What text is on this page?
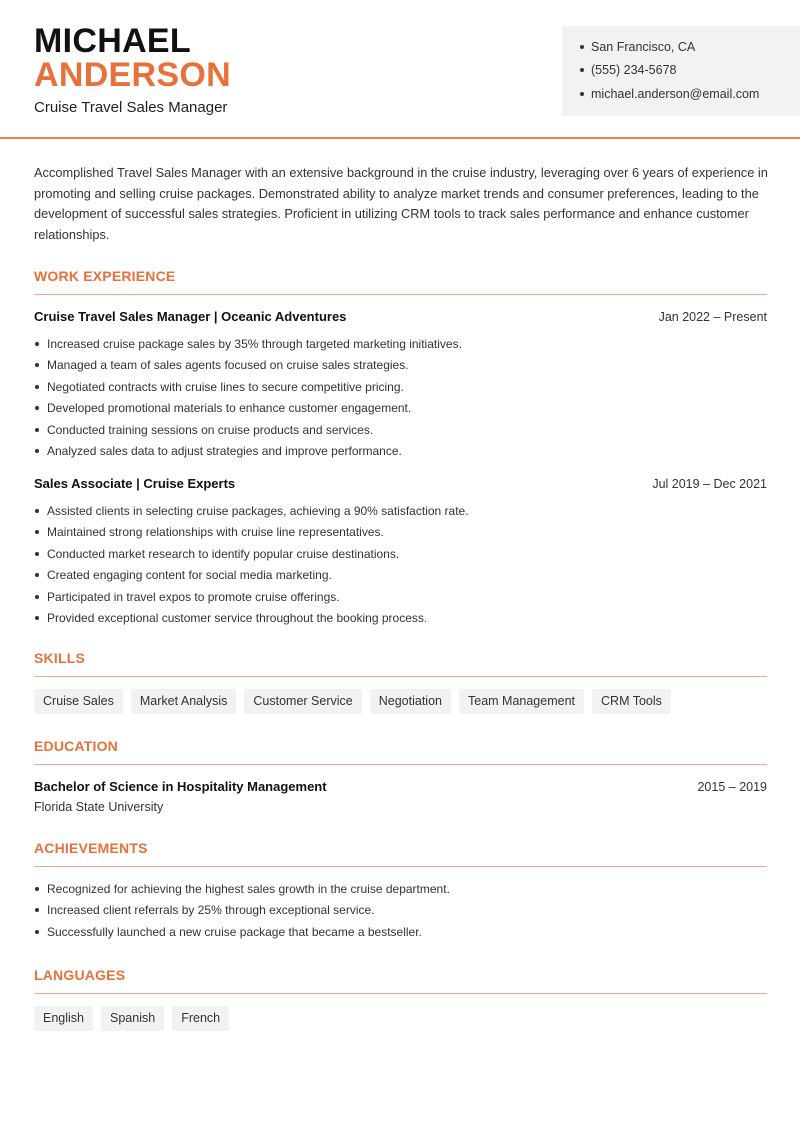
MICHAEL
ANDERSON
Cruise Travel Sales Manager
San Francisco, CA
(555) 234-5678
michael.anderson@email.com
Accomplished Travel Sales Manager with an extensive background in the cruise industry, leveraging over 6 years of experience in promoting and selling cruise packages. Demonstrated ability to analyze market trends and consumer preferences, leading to the development of successful sales strategies. Proficient in utilizing CRM tools to track sales performance and enhance customer relationships.
WORK EXPERIENCE
Cruise Travel Sales Manager | Oceanic Adventures	Jan 2022 – Present
Increased cruise package sales by 35% through targeted marketing initiatives.
Managed a team of sales agents focused on cruise sales strategies.
Negotiated contracts with cruise lines to secure competitive pricing.
Developed promotional materials to enhance customer engagement.
Conducted training sessions on cruise products and services.
Analyzed sales data to adjust strategies and improve performance.
Sales Associate | Cruise Experts	Jul 2019 – Dec 2021
Assisted clients in selecting cruise packages, achieving a 90% satisfaction rate.
Maintained strong relationships with cruise line representatives.
Conducted market research to identify popular cruise destinations.
Created engaging content for social media marketing.
Participated in travel expos to promote cruise offerings.
Provided exceptional customer service throughout the booking process.
SKILLS
Cruise Sales	Market Analysis	Customer Service	Negotiation	Team Management	CRM Tools
EDUCATION
Bachelor of Science in Hospitality Management	2015 – 2019
Florida State University
ACHIEVEMENTS
Recognized for achieving the highest sales growth in the cruise department.
Increased client referrals by 25% through exceptional service.
Successfully launched a new cruise package that became a bestseller.
LANGUAGES
English	Spanish	French
